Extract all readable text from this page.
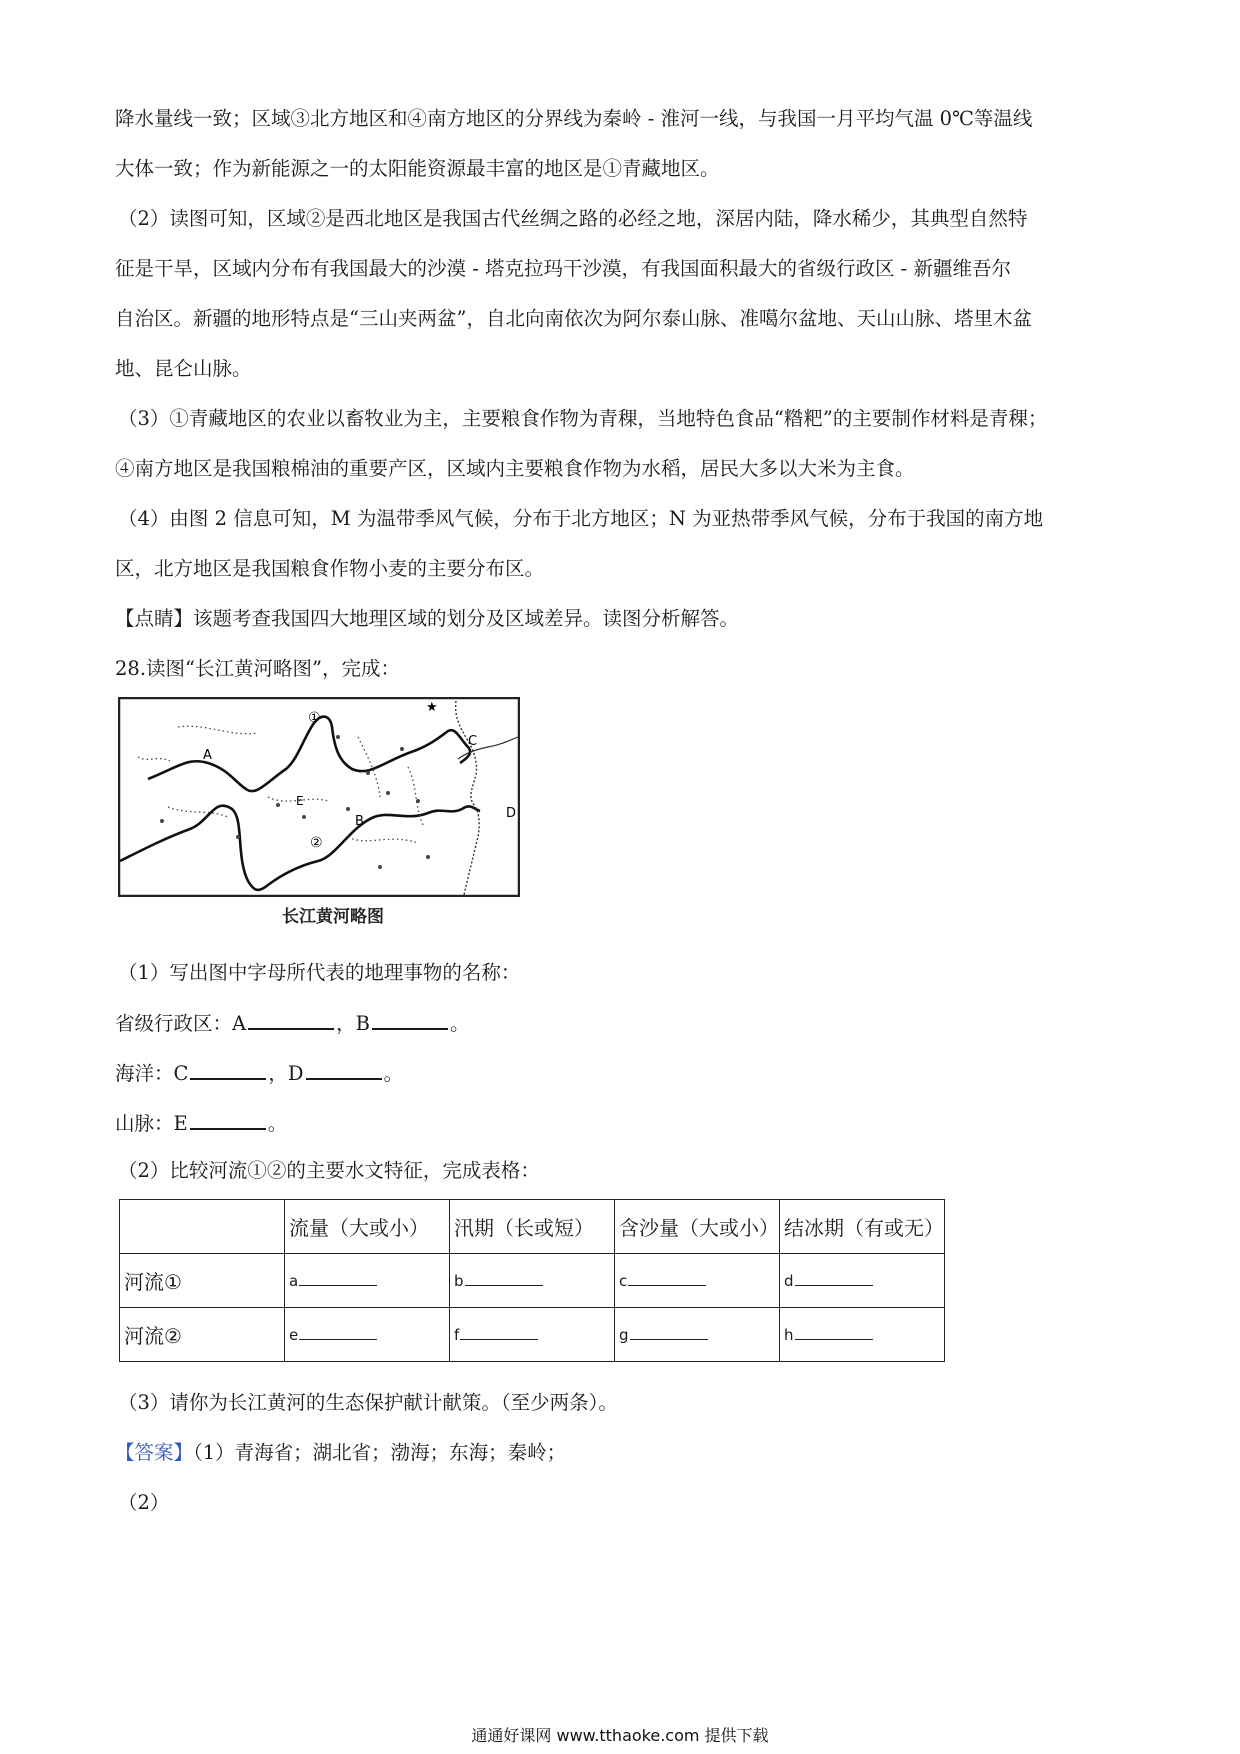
降水量线一致；区域③北方地区和④南方地区的分界线为秦岭 - 淮河一线，与我国一月平均气温 0℃等温线
大体一致；作为新能源之一的太阳能资源最丰富的地区是①青藏地区。
（2）读图可知，区域②是西北地区是我国古代丝绸之路的必经之地，深居内陆，降水稀少，其典型自然特
征是干旱，区域内分布有我国最大的沙漠 - 塔克拉玛干沙漠，有我国面积最大的省级行政区 - 新疆维吾尔
自治区。新疆的地形特点是“三山夹两盆”，自北向南依次为阿尔泰山脉、准噶尔盆地、天山山脉、塔里木盆
地、昆仑山脉。
（3）①青藏地区的农业以畜牧业为主，主要粮食作物为青稞，当地特色食品“糌粑”的主要制作材料是青稞；
④南方地区是我国粮棉油的重要产区，区域内主要粮食作物为水稻，居民大多以大米为主食。
（4）由图 2 信息可知，M 为温带季风气候，分布于北方地区；N 为亚热带季风气候，分布于我国的南方地
区，北方地区是我国粮食作物小麦的主要分布区。
【点睛】该题考查我国四大地理区域的划分及区域差异。读图分析解答。
28.读图“长江黄河略图”，完成：
A
B
C
D
E
①
②
★
长江黄河略图
（1）写出图中字母所代表的地理事物的名称：
省级行政区：A	，B	。
海洋：C	，D	。
山脉：E	。
（2）比较河流①②的主要水文特征，完成表格：
	流量（大或小）	汛期（长或短）	含沙量（大或小）	结冰期（有或无）
河流①	a	b	c	d
河流②	e	f	g	h
（3）请你为长江黄河的生态保护献计献策。（至少两条）。
【答案】（1）青海省；湖北省；渤海；东海；秦岭；
（2）
通通好课网 www.tthaoke.com 提供下载
